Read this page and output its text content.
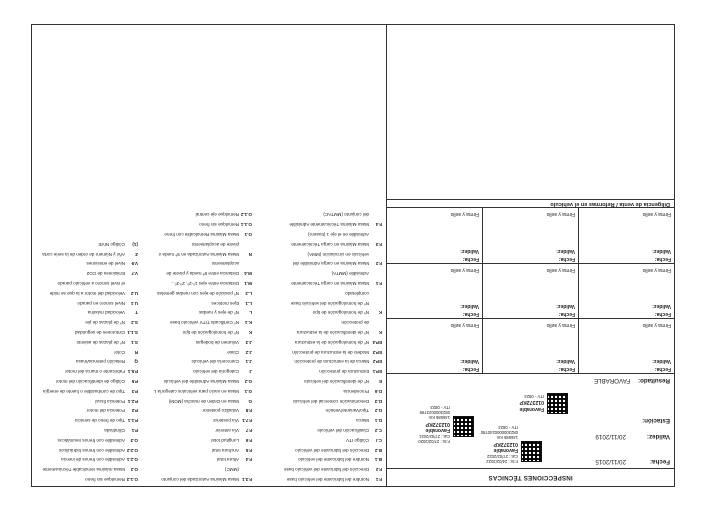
INSPECCIONES TÉCNICAS
Fecha:
20/11/2015
Validez:
20/11/2019
Estación:
F.Sr.: 24/02/2022
Cat.: 27/02/2022
Favorable
012372KP
146585 Km
0823000000240780
ITV - 0823
F.Sr.: 27/02/2020
Cat.: 27/02/2021
Favorable
012372KP
146585 Km
0823000023789
ITV - 0823	Favorable
012372KP
ITV - 0823
Resultado: FAVORABLE
Fecha:
Validez:
Firma y sello
Fecha:
Validez:
Firma y sello
Fecha:
Validez:
Firma y sello
Fecha:
Validez:
Firma y sello
Fecha:
Validez:
Firma y sello
Fecha:
Validez:
Firma y sello
Fecha:
Validez:
Firma y sello
Fecha:
Validez:
Firma y sello
Fecha:
Validez:
Firma y sello
Diligencia de venta / Reformas en el vehículo
F.1Nombre del fabricante del vehículo base
F.2Dirección del fabricante del vehículo base
B.1Nombre del fabricante del vehículo
B.2Dirección del fabricante del vehículo
C.ICódigo ITV
C.2Clasificación del vehículo
D.1Marca
D.2Tipo/Variante/Versión
D.3Denominación comercial del vehículo
D.6Procedencia
ENº de identificación del vehículo
EP.1Estructura de protección
EP.2Marca de la estructura de protección
EP.3Modelo de la estructura de protección
EP.4Nº de homologación de la estructura
KNº de identificación de la estructura
de protección
KNº de homologación de tipo
Nº de homologación del vehículo base
completado
F.1Masa Máxima en carga Técnicamente
Admisible (MMTA)
F.2Masa Máxima en carga Admisible del
vehículo en circulación (MMA)
F.3Masa Máxima en carga Técnicamente
Admisible en el eje 1 (trasero)
F.4Masa Máxima Técnicamente Admisible
del conjunto (MMTAC)
F.3.1Masa Máxima Autorizada del conjunto
(MMC)
F.4Altura total
F.5Anchura total
F.6Longitud total
F.7Vía anterior
F.7.1Vía posterior
F.8Voladizo posterior
GMasa en Orden de marcha (MOM)
G.1Masa en vacío para vehículos categoría L
G.2Masa Máxima Admisible del vehículo
JCategoría del vehículo
J.1Carrocería del vehículo
J.2Clase
J.3Volumen de bodegas
KNº de homologación de tipo
K.1Nº Certificado TITV vehículo base
LNº de ejes y ruedas
L.1Ejes motrices
L.2Nº posición de ejes con ruedas gemelas
M.1Distancia entre ejes 1º-2º, 2º-3º...
M.4Distancia entre 5ª rueda y pivote de
acoplamiento
NMasa Máxima Autorizada en 5ª rueda o
pivote de acoplamiento
O.1Masa Máxima Remolcable con freno
O.1.1Remolque sin freno
O.1.2Remolque eje central
O.1.3Remolque sin freno
O.2Masa máxima remolcable Técnicamente
O.2.1Admisible con frenos de inercia
O.2.2Admisible con frenos hidráulicos
O.3Admisible con frenos neumáticos
P.1Cilindrada
P.1.1Tipo de freno de servicio
P.2Potencia del motor
P.2.1Potencia fiscal
P.3Tipo de combustible o fuente de energía
P.5Código de identificación del motor
P.5.1Fabricante o marca del motor
QRelación potencia/masa
RColor
S.1Nº de plazas de asiento
S.1.1Cinturones de seguridad
S.2Nº de plazas de pie
TVelocidad máxima
U.1Nivel sonoro en parado
U.2Velocidad del motor a la que se mide
el nivel sonoro a vehículo parado
V.7Emisiones de CO2
V.9Nivel de emisiones
ZAño y Número de orden de la serie corta
(1)Código NIVE
